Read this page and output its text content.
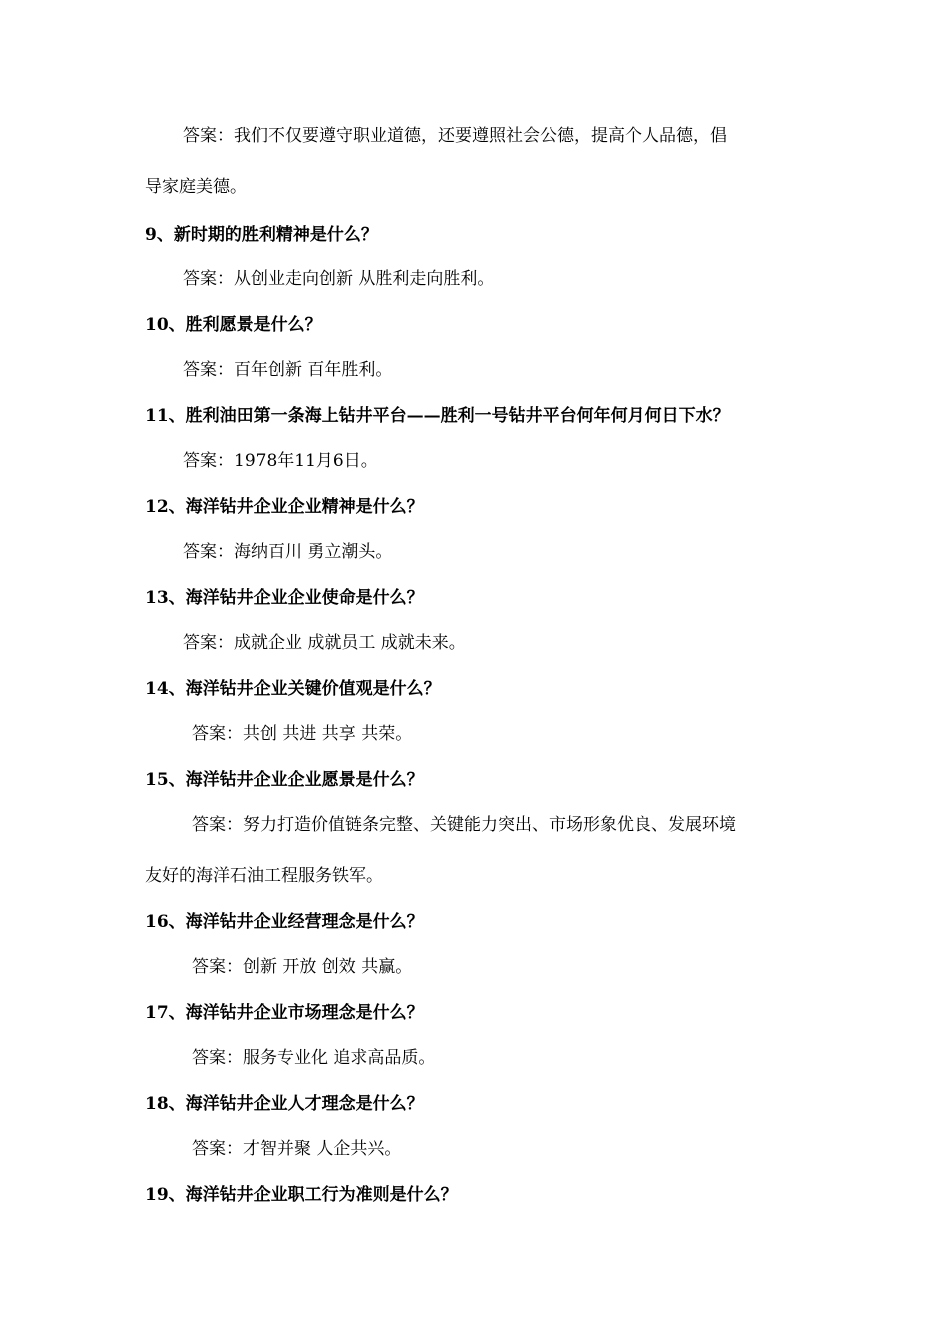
答案：我们不仅要遵守职业道德，还要遵照社会公德，提高个人品德，倡
导家庭美德。
9、新时期的胜利精神是什么？
答案：从创业走向创新 从胜利走向胜利。
10、胜利愿景是什么？
答案：百年创新 百年胜利。
11、胜利油田第一条海上钻井平台——胜利一号钻井平台何年何月何日下水？
答案：1978年11月6日。
12、海洋钻井企业企业精神是什么？
答案：海纳百川 勇立潮头。
13、海洋钻井企业企业使命是什么？
答案：成就企业 成就员工 成就未来。
14、海洋钻井企业关键价值观是什么？
答案：共创 共进 共享 共荣。
15、海洋钻井企业企业愿景是什么？
答案：努力打造价值链条完整、关键能力突出、市场形象优良、发展环境
友好的海洋石油工程服务铁军。
16、海洋钻井企业经营理念是什么？
答案：创新 开放 创效 共赢。
17、海洋钻井企业市场理念是什么？
答案：服务专业化 追求高品质。
18、海洋钻井企业人才理念是什么？
答案：才智并聚 人企共兴。
19、海洋钻井企业职工行为准则是什么？
